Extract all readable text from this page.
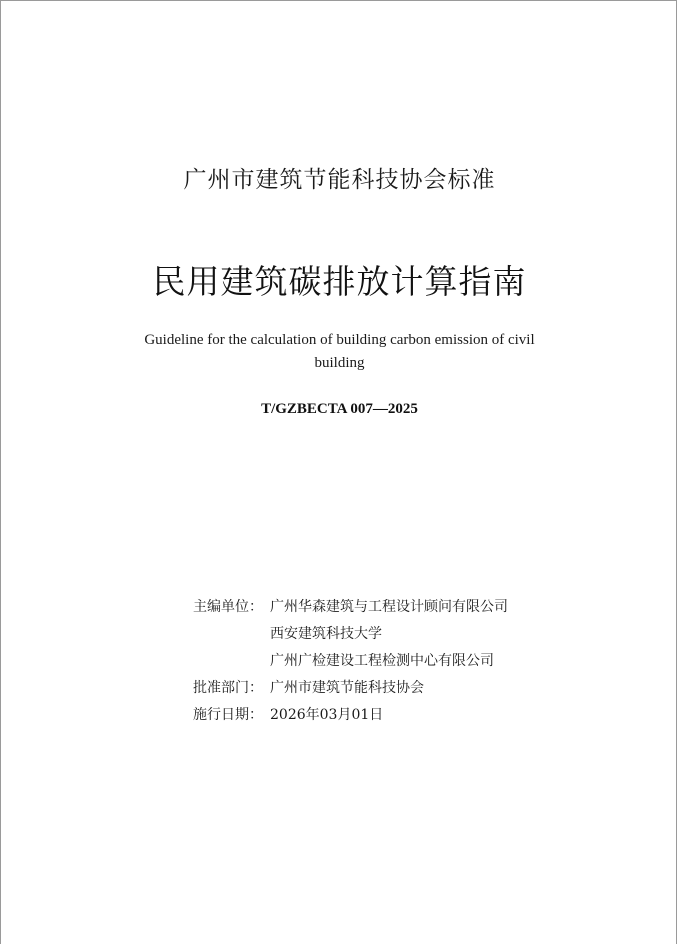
广州市建筑节能科技协会标准
民用建筑碳排放计算指南
Guideline for the calculation of building carbon emission of civil
building
T/GZBECTA 007—2025
主编单位： 广州华森建筑与工程设计顾问有限公司
西安建筑科技大学
广州广检建设工程检测中心有限公司
批准部门： 广州市建筑节能科技协会
施行日期： 2026年03月01日
